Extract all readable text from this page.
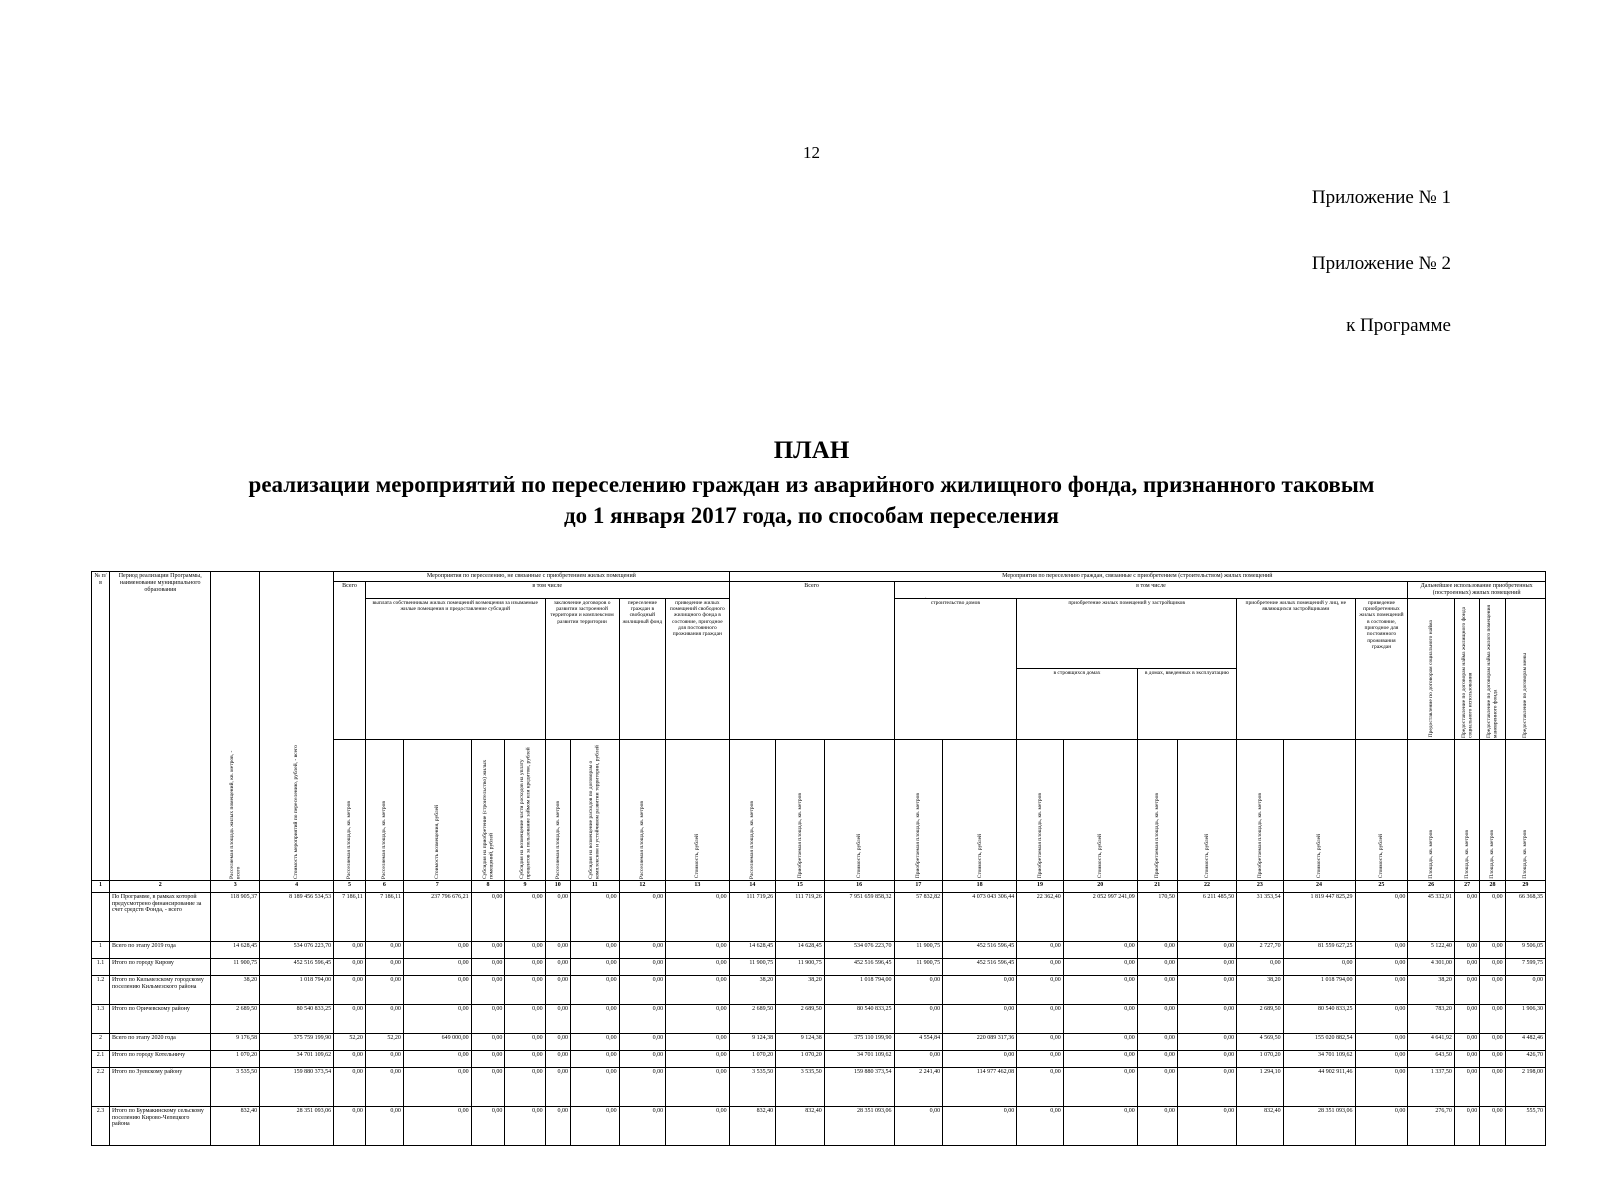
12
Приложение № 1
Приложение № 2
к Программе
ПЛАН
реализации мероприятий по переселению граждан из аварийного жилищного фонда, признанного таковым
до 1 января 2017 года, по способам переселения
·
№ п/в	Период реализации Программы, наименование муниципального образования	Расселяемая площадь жилых помещений, кв. метров, - всего	Стоимость мероприятий по переселению, рублей, - всего	Мероприятия по переселению, не связанные с приобретением жилых помещений									Мероприятия по переселению граждан, связанные с приобретением (строительством) жилых помещений															
				Всего	в том числе								Всего			в том числе									Дальнейшее использование приобретенных (построенных) жилых помещений			
					выплата собственникам жилых помещений возмещения за изымаемые жилые помещения и предоставление субсидий				заключение договоров о развитии застроенной территории и комплексном развитии территории		переселение граждан в свободный жилищный фонд	приведение жилых помещений свободного жилищного фонда в состояние, пригодное для постоянного проживания граждан				строительство домов		приобретение жилых помещений у застройщиков				приобретение жилых помещений у лиц, не являющихся застройщиками		приведение приобретенных жилых помещений в состояние, пригодное для постоянного проживания граждан	Предоставление по договорам социального найма	Предоставление по договорам найма жилищного фонда социального использования	Предоставление по договорам найма жилого помещения маневренного фонда	Предоставление по договорам мены

																		в строящихся домах		в домах, введенных в эксплуатацию								

				Расселяемая площадь, кв. метров	Расселяемая площадь, кв. метров	Стоимость возмещения, рублей	Субсидия на приобретение (строительство) жилых помещений, рублей	Субсидия на возмещение части расходов на уплату процентов за пользование займом или кредитом, рублей	Расселяемая площадь, кв. метров	Субсидия на возмещение расходов по договорам о комплексном и устойчивом развитии территории, рублей	Расселяемая площадь, кв. метров	Стоимость, рублей	Расселяемая площадь, кв. метров	Приобретаемая площадь, кв. метров	Стоимость, рублей	Приобретаемая площадь, кв. метров	Стоимость, рублей	Приобретаемая площадь, кв. метров	Стоимость, рублей	Приобретаемая площадь, кв. метров	Стоимость, рублей	Приобретаемая площадь, кв. метров	Стоимость, рублей	Стоимость, рублей	Площадь, кв. метров	Площадь, кв. метров	Площадь, кв. метров	Площадь, кв. метров

1	2	3	4	5	6	7	8	9	10	11	12	13	14	15	16	17	18	19	20	21	22	23	24	25	26	27	28	29
	По Программе, в рамках которой предусмотрено финансирование за счет средств Фонда, - всего	118 905,37	8 189 456 534,53	7 186,11	7 186,11	237 796 676,21	0,00	0,00	0,00	0,00	0,00	0,00	111 719,26	111 719,26	7 951 659 858,32	57 832,82	4 073 043 306,44	22 362,40	2 052 997 241,09	170,50	6 211 485,50	31 353,54	1 819 447 825,29	0,00	45 332,91	0,00	0,00	66 368,35
1	Всего по этапу 2019 года	14 628,45	534 076 223,70	0,00	0,00	0,00	0,00	0,00	0,00	0,00	0,00	0,00	14 628,45	14 628,45	534 076 223,70	11 900,75	452 516 596,45	0,00	0,00	0,00	0,00	2 727,70	81 559 627,25	0,00	5 122,40	0,00	0,00	9 506,05
1.1	Итого по городу Кирову	11 900,75	452 516 596,45	0,00	0,00	0,00	0,00	0,00	0,00	0,00	0,00	0,00	11 900,75	11 900,75	452 516 596,45	11 900,75	452 516 596,45	0,00	0,00	0,00	0,00	0,00	0,00	0,00	4 301,00	0,00	0,00	7 599,75
1.2	Итого по Кильмезскому городскому поселению Кильмезского района	38,20	1 018 794,00	0,00	0,00	0,00	0,00	0,00	0,00	0,00	0,00	0,00	38,20	38,20	1 018 794,00	0,00	0,00	0,00	0,00	0,00	0,00	38,20	1 018 794,00	0,00	38,20	0,00	0,00	0,00
1.3	Итого по Оричевскому району	2 689,50	80 540 833,25	0,00	0,00	0,00	0,00	0,00	0,00	0,00	0,00	0,00	2 689,50	2 689,50	80 540 833,25	0,00	0,00	0,00	0,00	0,00	0,00	2 689,50	80 540 833,25	0,00	783,20	0,00	0,00	1 906,30
2	Всего по этапу 2020 года	9 176,58	375 759 199,90	52,20	52,20	649 000,00	0,00	0,00	0,00	0,00	0,00	0,00	9 124,38	9 124,38	375 110 199,90	4 554,84	220 089 317,36	0,00	0,00	0,00	0,00	4 569,50	155 020 882,54	0,00	4 641,92	0,00	0,00	4 482,46
2.1	Итого по городу Котельничу	1 070,20	34 701 109,62	0,00	0,00	0,00	0,00	0,00	0,00	0,00	0,00	0,00	1 070,20	1 070,20	34 701 109,62	0,00	0,00	0,00	0,00	0,00	0,00	1 070,20	34 701 109,62	0,00	643,50	0,00	0,00	426,70
2.2	Итого по Зуевскому району	3 535,50	159 880 373,54	0,00	0,00	0,00	0,00	0,00	0,00	0,00	0,00	0,00	3 535,50	3 535,50	159 880 373,54	2 241,40	114 977 462,08	0,00	0,00	0,00	0,00	1 294,10	44 902 911,46	0,00	1 337,50	0,00	0,00	2 198,00
2.3	Итого по Бурмакинскому сельскому поселению Кирово-Чепецкого района	832,40	28 351 093,06	0,00	0,00	0,00	0,00	0,00	0,00	0,00	0,00	0,00	832,40	832,40	28 351 093,06	0,00	0,00	0,00	0,00	0,00	0,00	832,40	28 351 093,06	0,00	276,70	0,00	0,00	555,70
